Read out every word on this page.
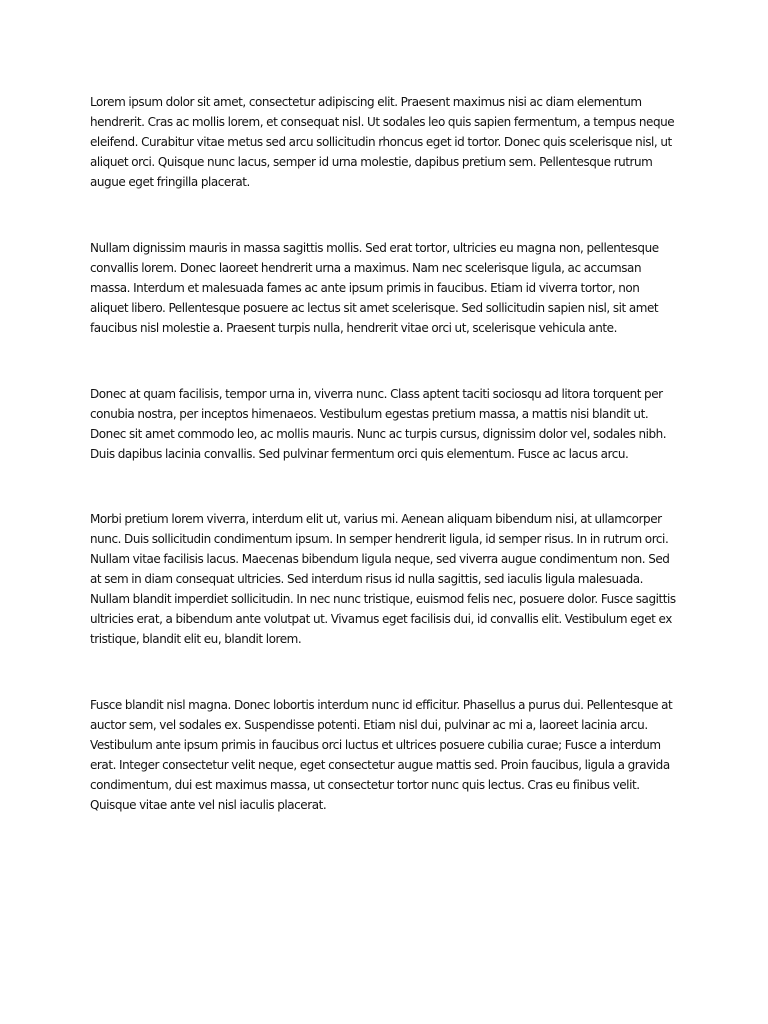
Lorem ipsum dolor sit amet, consectetur adipiscing elit. Praesent maximus nisi ac diam elementum hendrerit. Cras ac mollis lorem, et consequat nisl. Ut sodales leo quis sapien fermentum, a tempus neque eleifend. Curabitur vitae metus sed arcu sollicitudin rhoncus eget id tortor. Donec quis scelerisque nisl, ut aliquet orci. Quisque nunc lacus, semper id urna molestie, dapibus pretium sem. Pellentesque rutrum augue eget fringilla placerat.

Nullam dignissim mauris in massa sagittis mollis. Sed erat tortor, ultricies eu magna non, pellentesque convallis lorem. Donec laoreet hendrerit urna a maximus. Nam nec scelerisque ligula, ac accumsan massa. Interdum et malesuada fames ac ante ipsum primis in faucibus. Etiam id viverra tortor, non aliquet libero. Pellentesque posuere ac lectus sit amet scelerisque. Sed sollicitudin sapien nisl, sit amet faucibus nisl molestie a. Praesent turpis nulla, hendrerit vitae orci ut, scelerisque vehicula ante.

Donec at quam facilisis, tempor urna in, viverra nunc. Class aptent taciti sociosqu ad litora torquent per conubia nostra, per inceptos himenaeos. Vestibulum egestas pretium massa, a mattis nisi blandit ut. Donec sit amet commodo leo, ac mollis mauris. Nunc ac turpis cursus, dignissim dolor vel, sodales nibh. Duis dapibus lacinia convallis. Sed pulvinar fermentum orci quis elementum. Fusce ac lacus arcu.

Morbi pretium lorem viverra, interdum elit ut, varius mi. Aenean aliquam bibendum nisi, at ullamcorper nunc. Duis sollicitudin condimentum ipsum. In semper hendrerit ligula, id semper risus. In in rutrum orci. Nullam vitae facilisis lacus. Maecenas bibendum ligula neque, sed viverra augue condimentum non. Sed at sem in diam consequat ultricies. Sed interdum risus id nulla sagittis, sed iaculis ligula malesuada. Nullam blandit imperdiet sollicitudin. In nec nunc tristique, euismod felis nec, posuere dolor. Fusce sagittis ultricies erat, a bibendum ante volutpat ut. Vivamus eget facilisis dui, id convallis elit. Vestibulum eget ex tristique, blandit elit eu, blandit lorem.

Fusce blandit nisl magna. Donec lobortis interdum nunc id efficitur. Phasellus a purus dui. Pellentesque at auctor sem, vel sodales ex. Suspendisse potenti. Etiam nisl dui, pulvinar ac mi a, laoreet lacinia arcu. Vestibulum ante ipsum primis in faucibus orci luctus et ultrices posuere cubilia curae; Fusce a interdum erat. Integer consectetur velit neque, eget consectetur augue mattis sed. Proin faucibus, ligula a gravida condimentum, dui est maximus massa, ut consectetur tortor nunc quis lectus. Cras eu finibus velit. Quisque vitae ante vel nisl iaculis placerat.
